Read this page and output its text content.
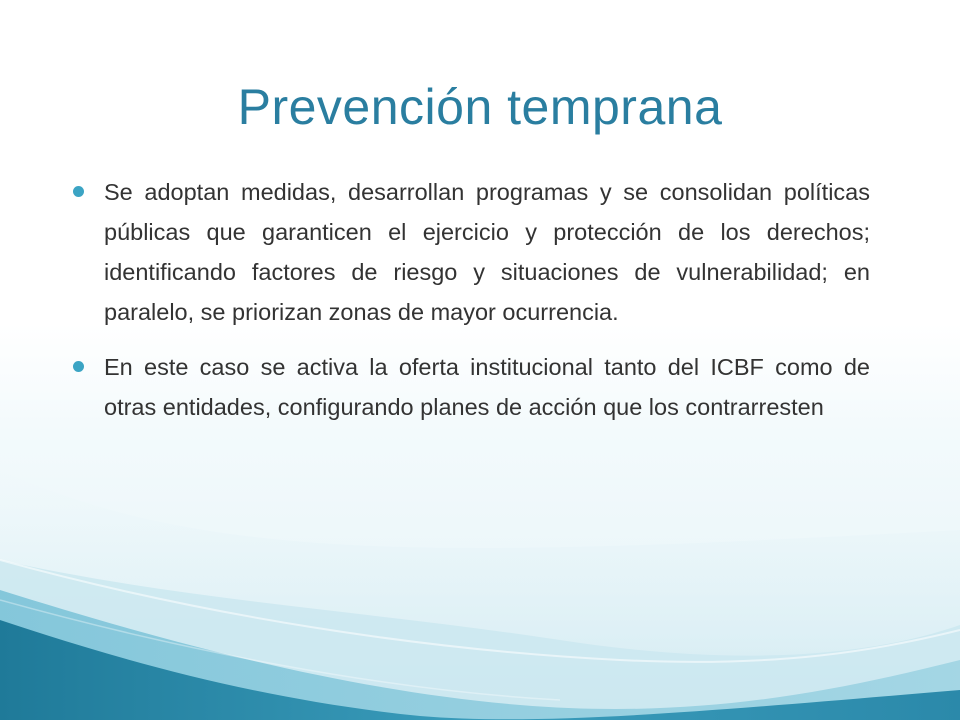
Prevención temprana
Se adoptan medidas, desarrollan programas y se consolidan políticas públicas que garanticen el ejercicio y protección de los derechos; identificando factores de riesgo y situaciones de vulnerabilidad; en paralelo, se priorizan zonas de mayor ocurrencia.
En este caso se activa la oferta institucional tanto del ICBF como de otras entidades, configurando planes de acción que los contrarresten
